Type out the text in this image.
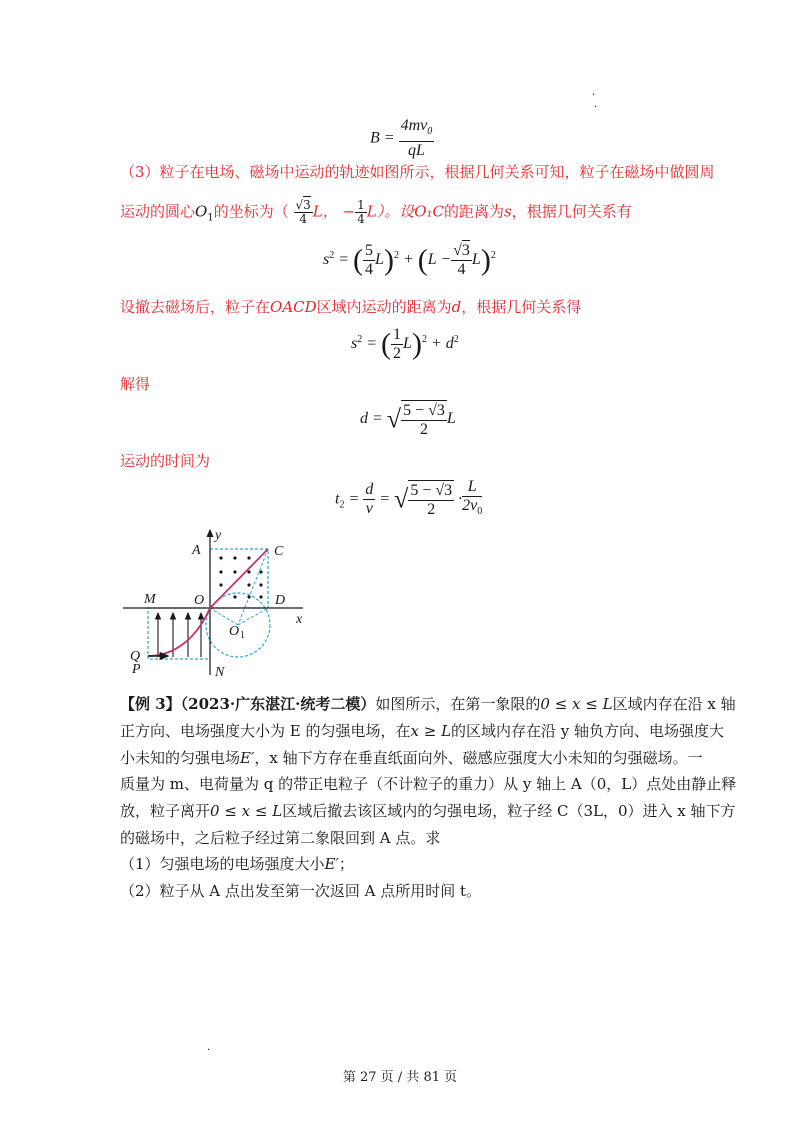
·
·
$B = \frac{4mv_0}{qL}$
（3）粒子在电场、磁场中运动的轨迹如图所示，根据几何关系可知，粒子在磁场中做圆周
运动的圆心$O_1$的坐标为（ $\frac{√3}{4}$ L， − $\frac{1}{4} L$）。设O₁C的距离为s，根据几何关系有
$s^2$ = ( $\frac{5}{4} L)^2 + (L - \frac{√3}{4} L)^2$
设撤去磁场后，粒子在OACD区域内运动的距离为d，根据几何关系得
$s^2$ = ( $\frac{1}{2} L)^2 + d^2$
解得
d = √ $\frac{5 - √3}{2}$ L
运动的时间为
$t_2 = \frac{d}{v}$ = √ $\frac{5 - √3}{2} \cdot \frac{L}{2v_0}$
y
A	C
M	O	D
x
O 1
Q
P	N
【例 3】（2023·广东湛江·统考二模）如图所示，在第一象限的0 ≤ x ≤ L区域内存在沿 x 轴
正方向、电场强度大小为 E 的匀强电场，在x ≥ L的区域内存在沿 y 轴负方向、电场强度大
小未知的匀强电场E′，x 轴下方存在垂直纸面向外、磁感应强度大小未知的匀强磁场。一
质量为 m、电荷量为 q 的带正电粒子（不计粒子的重力）从 y 轴上 A（0，L）点处由静止释
放，粒子离开0 ≤ x ≤ L区域后撤去该区域内的匀强电场，粒子经 C（3L，0）进入 x 轴下方
的磁场中，之后粒子经过第二象限回到 A 点。求
（1）匀强电场的电场强度大小E′；
（2）粒子从 A 点出发至第一次返回 A 点所用时间 t。
·
第 27 页 / 共 81 页
